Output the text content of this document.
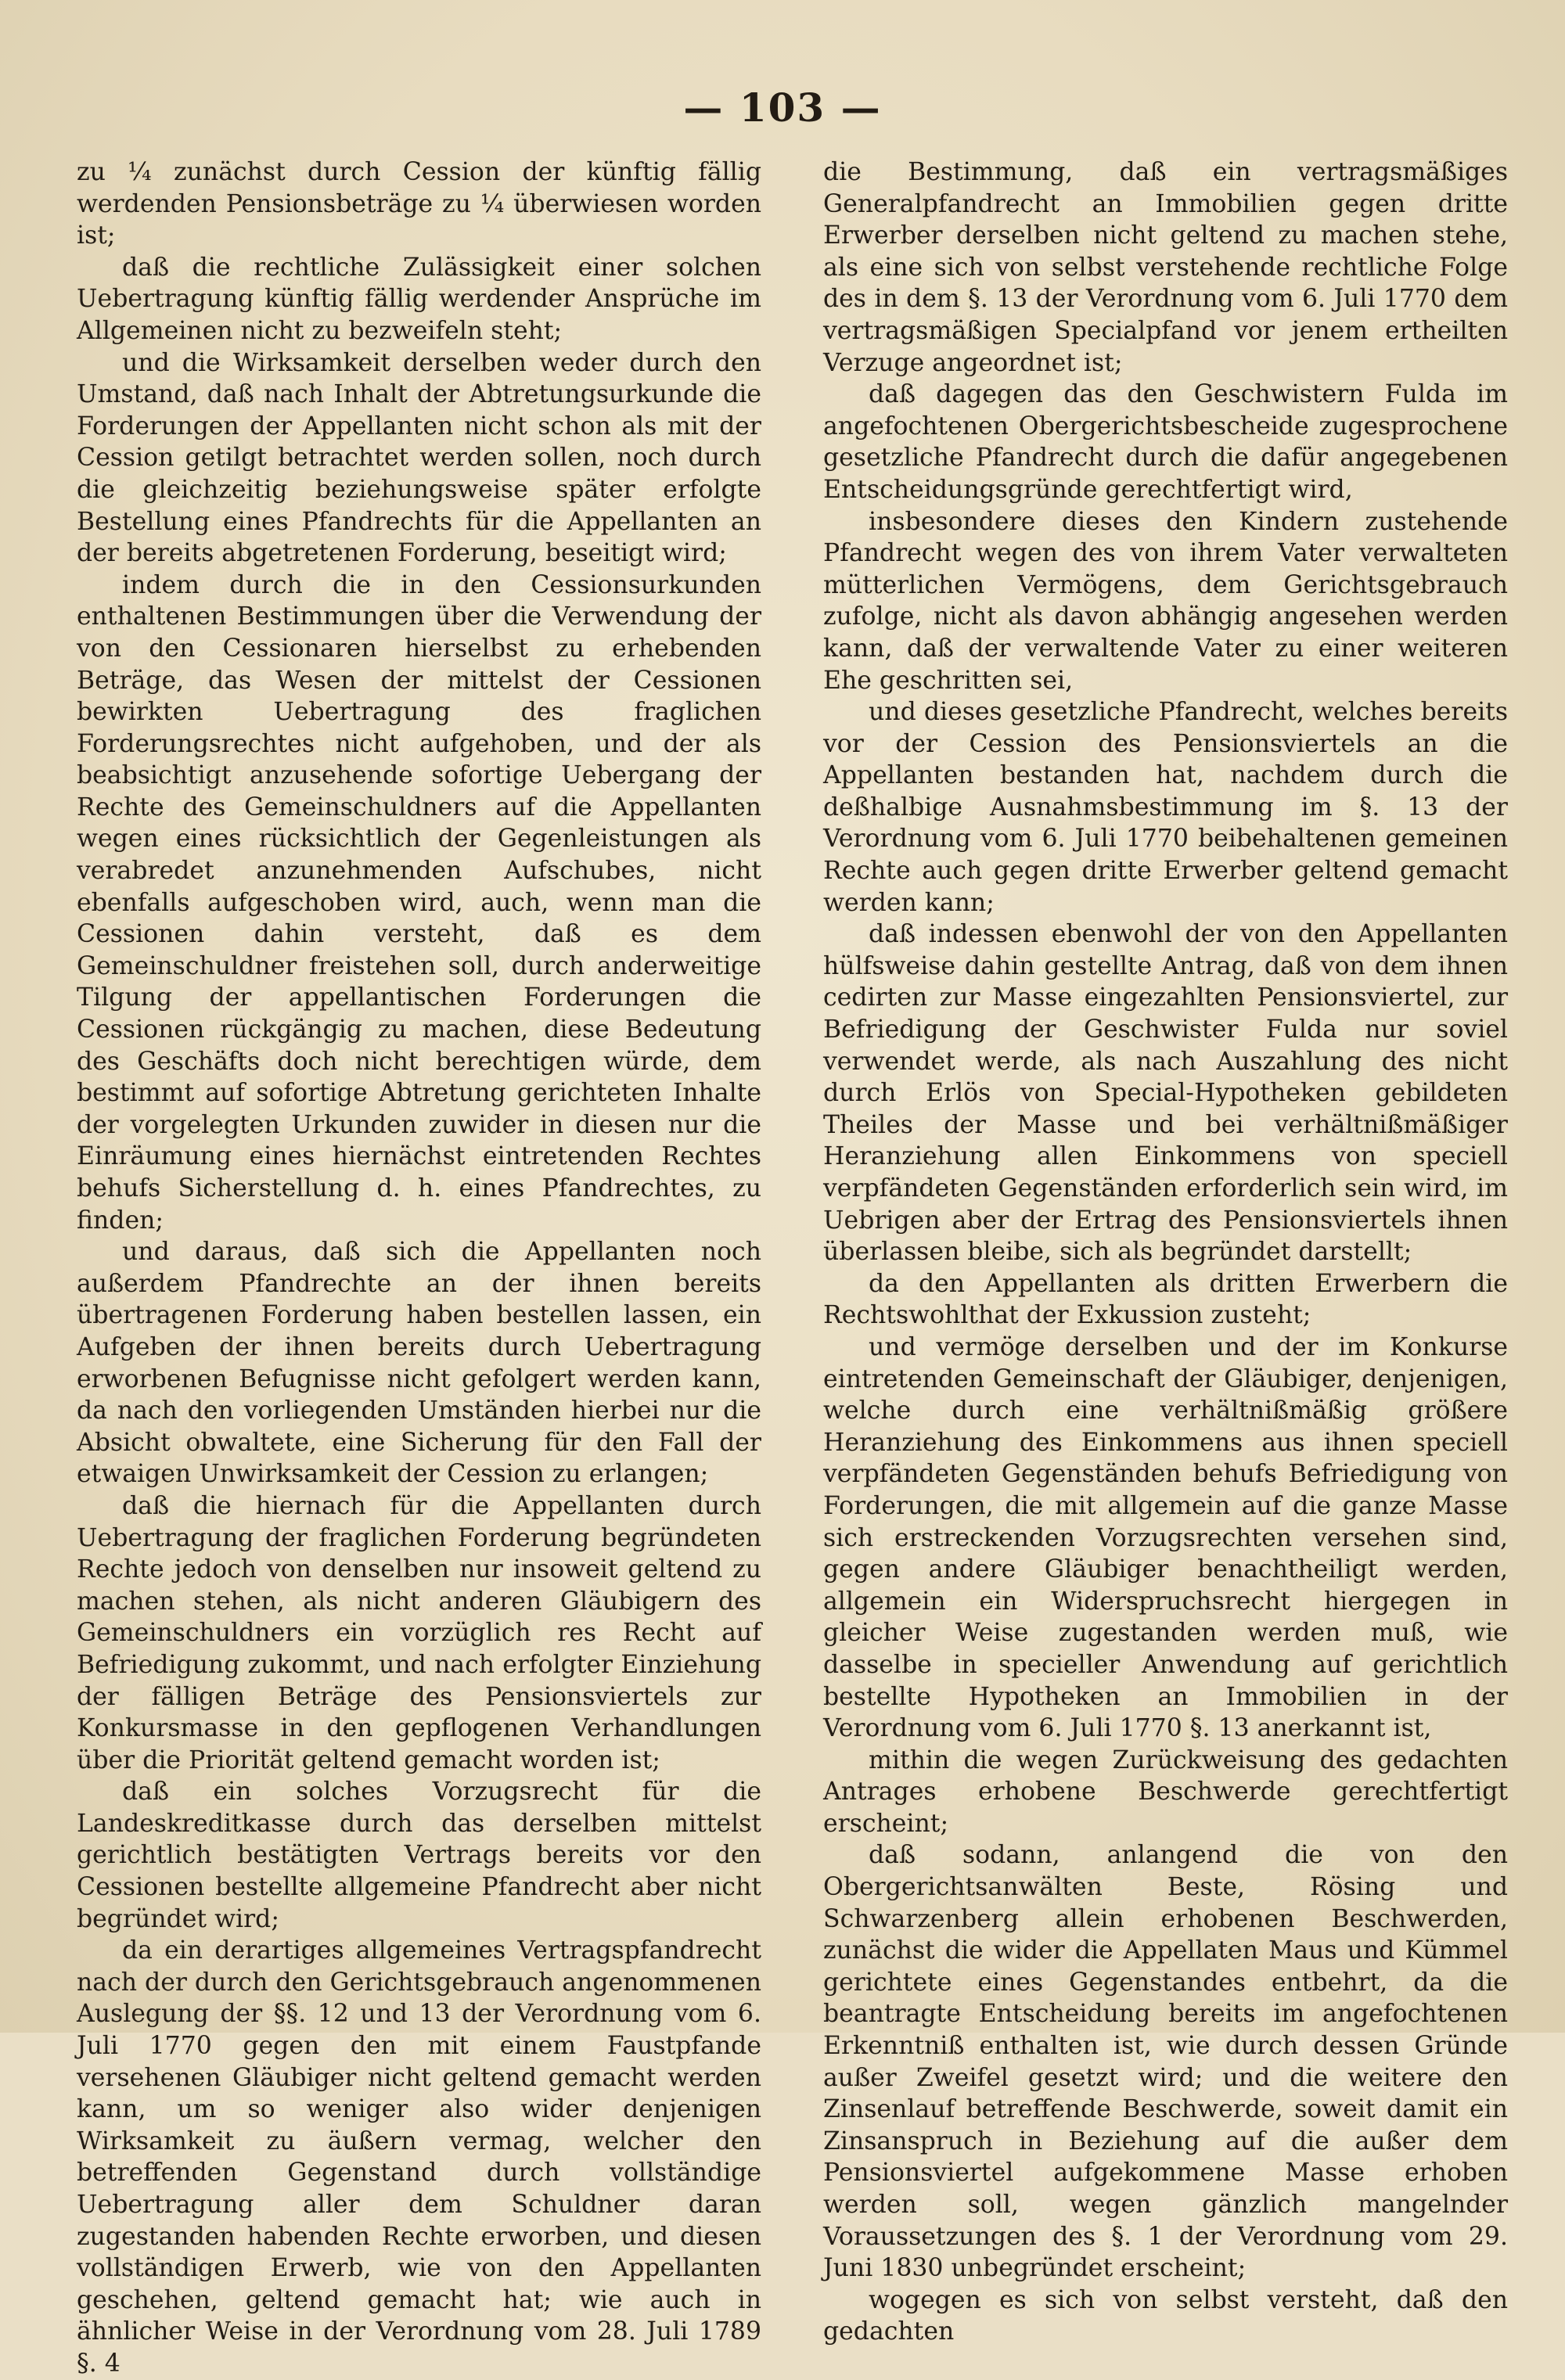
— 103 —

zu ¼ zunächst durch Cession der künftig fällig werdenden Pensionsbeträge zu ¼ überwiesen worden ist;

daß die rechtliche Zulässigkeit einer solchen Uebertragung künftig fällig werdender Ansprüche im Allgemeinen nicht zu bezweifeln steht;

und die Wirksamkeit derselben weder durch den Umstand, daß nach Inhalt der Abtretungsurkunde die Forderungen der Appellanten nicht schon als mit der Cession getilgt betrachtet werden sollen, noch durch die gleichzeitig beziehungsweise später erfolgte Bestellung eines Pfandrechts für die Appellanten an der bereits abgetretenen Forderung, beseitigt wird;

indem durch die in den Cessionsurkunden enthaltenen Bestimmungen über die Verwendung der von den Cessionaren hierselbst zu erhebenden Beträge, das Wesen der mittelst der Cessionen bewirkten Uebertragung des fraglichen Forderungsrechtes nicht aufgehoben, und der als beabsichtigt anzusehende sofortige Uebergang der Rechte des Gemeinschuldners auf die Appellanten wegen eines rücksichtlich der Gegenleistungen als verabredet anzunehmenden Aufschubes, nicht ebenfalls aufgeschoben wird, auch, wenn man die Cessionen dahin versteht, daß es dem Gemeinschuldner freistehen soll, durch anderweitige Tilgung der appellantischen Forderungen die Cessionen rückgängig zu machen, diese Bedeutung des Geschäfts doch nicht berechtigen würde, dem bestimmt auf sofortige Abtretung gerichteten Inhalte der vorgelegten Urkunden zuwider in diesen nur die Einräumung eines hiernächst eintretenden Rechtes behufs Sicherstellung d. h. eines Pfandrechtes, zu finden;

und daraus, daß sich die Appellanten noch außerdem Pfandrechte an der ihnen bereits übertragenen Forderung haben bestellen lassen, ein Aufgeben der ihnen bereits durch Uebertragung erworbenen Befugnisse nicht gefolgert werden kann, da nach den vorliegenden Umständen hierbei nur die Absicht obwaltete, eine Sicherung für den Fall der etwaigen Unwirksamkeit der Cession zu erlangen;

daß die hiernach für die Appellanten durch Uebertragung der fraglichen Forderung begründeten Rechte jedoch von denselben nur insoweit geltend zu machen stehen, als nicht anderen Gläubigern des Gemeinschuldners ein vorzüglich res Recht auf Befriedigung zukommt, und nach erfolgter Einziehung der fälligen Beträge des Pensionsviertels zur Konkursmasse in den gepflogenen Verhandlungen über die Priorität geltend gemacht worden ist;

daß ein solches Vorzugsrecht für die Landeskreditkasse durch das derselben mittelst gerichtlich bestätigten Vertrags bereits vor den Cessionen bestellte allgemeine Pfandrecht aber nicht begründet wird;

da ein derartiges allgemeines Vertragspfandrecht nach der durch den Gerichtsgebrauch angenommenen Auslegung der §§. 12 und 13 der Verordnung vom 6. Juli 1770 gegen den mit einem Faustpfande versehenen Gläubiger nicht geltend gemacht werden kann, um so weniger also wider denjenigen Wirksamkeit zu äußern vermag, welcher den betreffenden Gegenstand durch vollständige Uebertragung aller dem Schuldner daran zugestanden habenden Rechte erworben, und diesen vollständigen Erwerb, wie von den Appellanten geschehen, geltend gemacht hat; wie auch in ähnlicher Weise in der Verordnung vom 28. Juli 1789 §. 4

die Bestimmung, daß ein vertragsmäßiges Generalpfandrecht an Immobilien gegen dritte Erwerber derselben nicht geltend zu machen stehe, als eine sich von selbst verstehende rechtliche Folge des in dem §. 13 der Verordnung vom 6. Juli 1770 dem vertragsmäßigen Specialpfand vor jenem ertheilten Verzuge angeordnet ist;

daß dagegen das den Geschwistern Fulda im angefochtenen Obergerichtsbescheide zugesprochene gesetzliche Pfandrecht durch die dafür angegebenen Entscheidungsgründe gerechtfertigt wird,

insbesondere dieses den Kindern zustehende Pfandrecht wegen des von ihrem Vater verwalteten mütterlichen Vermögens, dem Gerichtsgebrauch zufolge, nicht als davon abhängig angesehen werden kann, daß der verwaltende Vater zu einer weiteren Ehe geschritten sei,

und dieses gesetzliche Pfandrecht, welches bereits vor der Cession des Pensionsviertels an die Appellanten bestanden hat, nachdem durch die deßhalbige Ausnahmsbestimmung im §. 13 der Verordnung vom 6. Juli 1770 beibehaltenen gemeinen Rechte auch gegen dritte Erwerber geltend gemacht werden kann;

daß indessen ebenwohl der von den Appellanten hülfsweise dahin gestellte Antrag, daß von dem ihnen cedirten zur Masse eingezahlten Pensionsviertel, zur Befriedigung der Geschwister Fulda nur soviel verwendet werde, als nach Auszahlung des nicht durch Erlös von Special-Hypotheken gebildeten Theiles der Masse und bei verhältnißmäßiger Heranziehung allen Einkommens von speciell verpfändeten Gegenständen erforderlich sein wird, im Uebrigen aber der Ertrag des Pensionsviertels ihnen überlassen bleibe, sich als begründet darstellt;

da den Appellanten als dritten Erwerbern die Rechtswohlthat der Exkussion zusteht;

und vermöge derselben und der im Konkurse eintretenden Gemeinschaft der Gläubiger, denjenigen, welche durch eine verhältnißmäßig größere Heranziehung des Einkommens aus ihnen speciell verpfändeten Gegenständen behufs Befriedigung von Forderungen, die mit allgemein auf die ganze Masse sich erstreckenden Vorzugsrechten versehen sind, gegen andere Gläubiger benachtheiligt werden, allgemein ein Widerspruchsrecht hiergegen in gleicher Weise zugestanden werden muß, wie dasselbe in specieller Anwendung auf gerichtlich bestellte Hypotheken an Immobilien in der Verordnung vom 6. Juli 1770 §. 13 anerkannt ist,

mithin die wegen Zurückweisung des gedachten Antrages erhobene Beschwerde gerechtfertigt erscheint;

daß sodann, anlangend die von den Obergerichtsanwälten Beste, Rösing und Schwarzenberg allein erhobenen Beschwerden, zunächst die wider die Appellaten Maus und Kümmel gerichtete eines Gegenstandes entbehrt, da die beantragte Entscheidung bereits im angefochtenen Erkenntniß enthalten ist, wie durch dessen Gründe außer Zweifel gesetzt wird; und die weitere den Zinsenlauf betreffende Beschwerde, soweit damit ein Zinsanspruch in Beziehung auf die außer dem Pensionsviertel aufgekommene Masse erhoben werden soll, wegen gänzlich mangelnder Voraussetzungen des §. 1 der Verordnung vom 29. Juni 1830 unbegründet erscheint;

wogegen es sich von selbst versteht, daß den gedachten
